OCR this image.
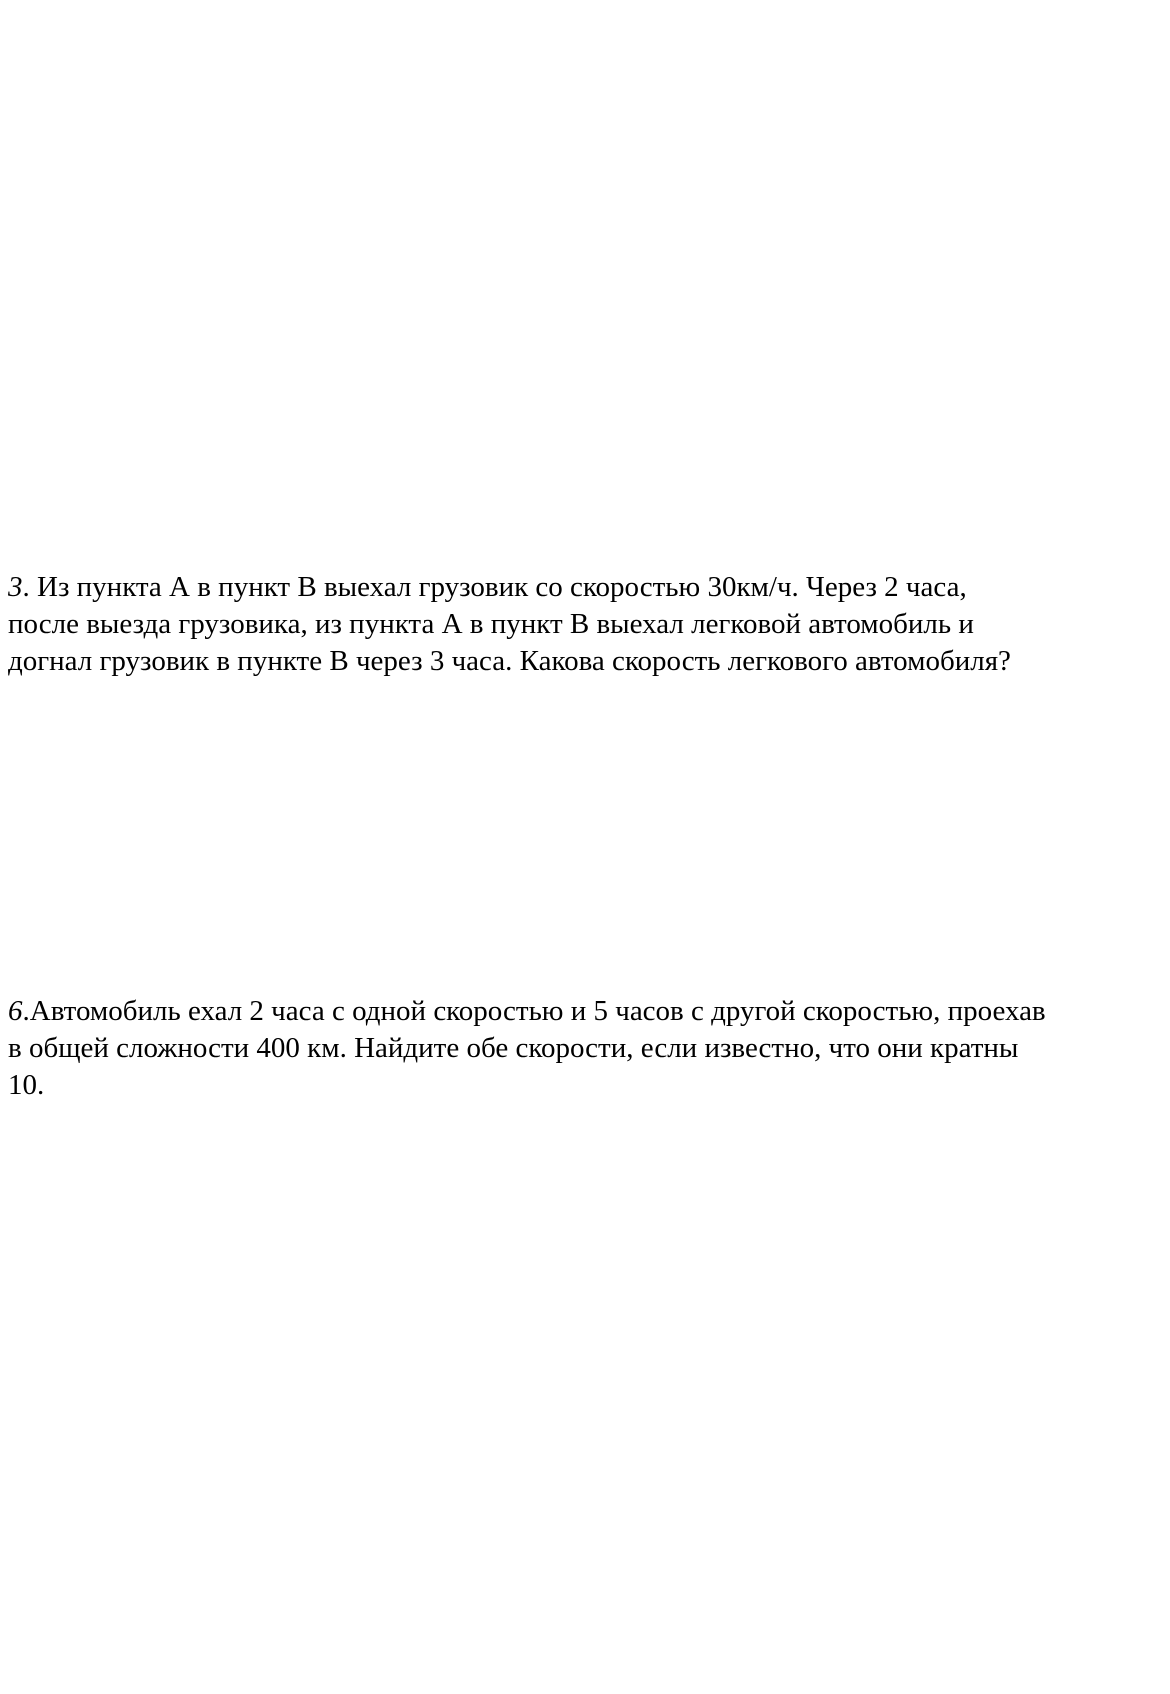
3. Из пункта А в пункт В выехал грузовик со скоростью 30км/ч. Через 2 часа,
после выезда грузовика, из пункта А в пункт В выехал легковой автомобиль и
догнал грузовик в пункте В через 3 часа. Какова скорость легкового автомобиля?
6.Автомобиль ехал 2 часа с одной скоростью и 5 часов с другой скоростью, проехав
в общей сложности 400 км. Найдите обе скорости, если известно, что они кратны
10.
